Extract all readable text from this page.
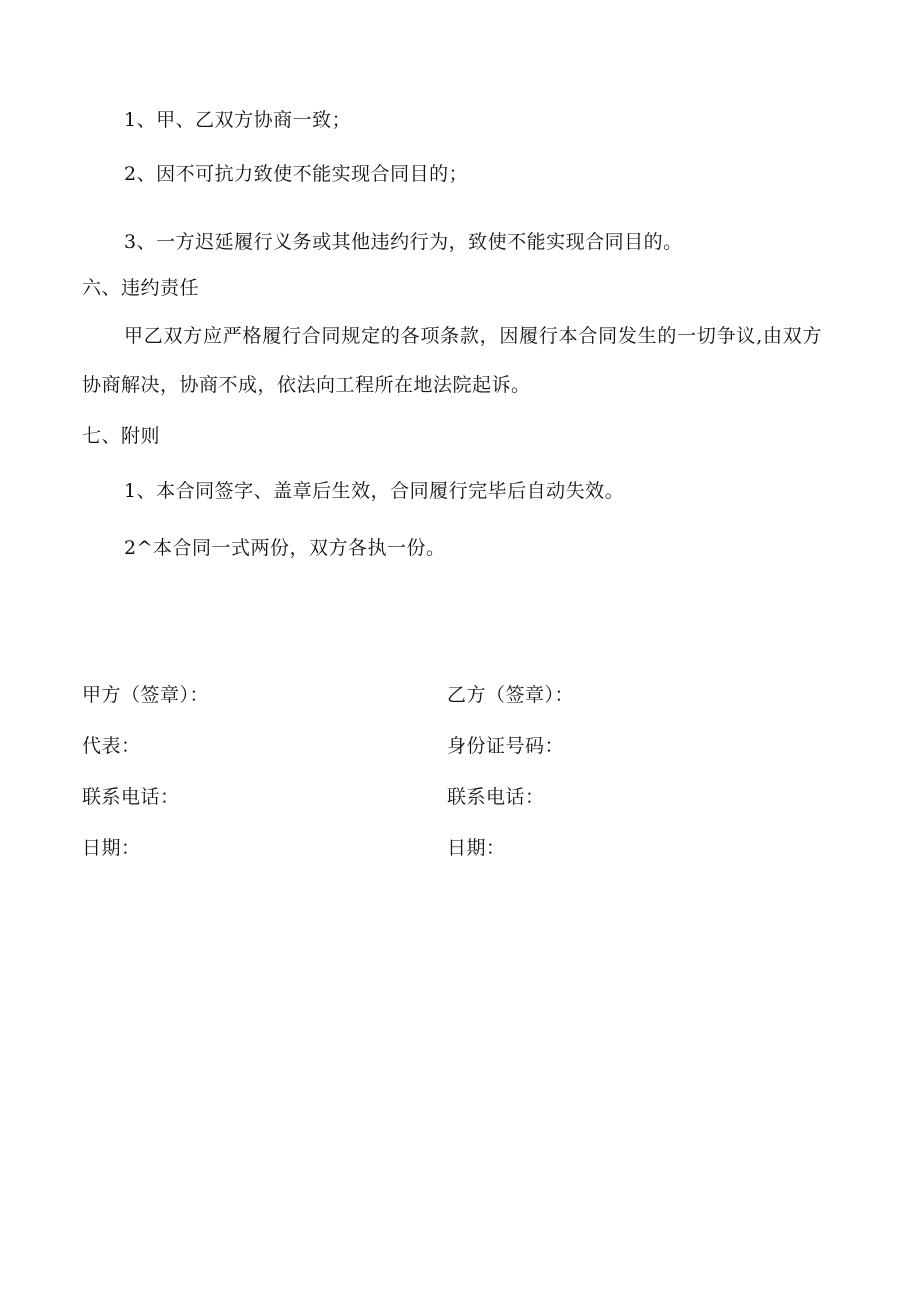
1、甲、乙双方协商一致；
2、因不可抗力致使不能实现合同目的；
3、一方迟延履行义务或其他违约行为，致使不能实现合同目的。
六、违约责任
甲乙双方应严格履行合同规定的各项条款，因履行本合同发生的一切争议,由双方协商解决，协商不成，依法向工程所在地法院起诉。
七、附则
1、本合同签字、盖章后生效，合同履行完毕后自动失效。
2^本合同一式两份，双方各执一份。
甲方（签章）：
代表：
联系电话：
日期：
乙方（签章）：
身份证号码：
联系电话：
日期：
